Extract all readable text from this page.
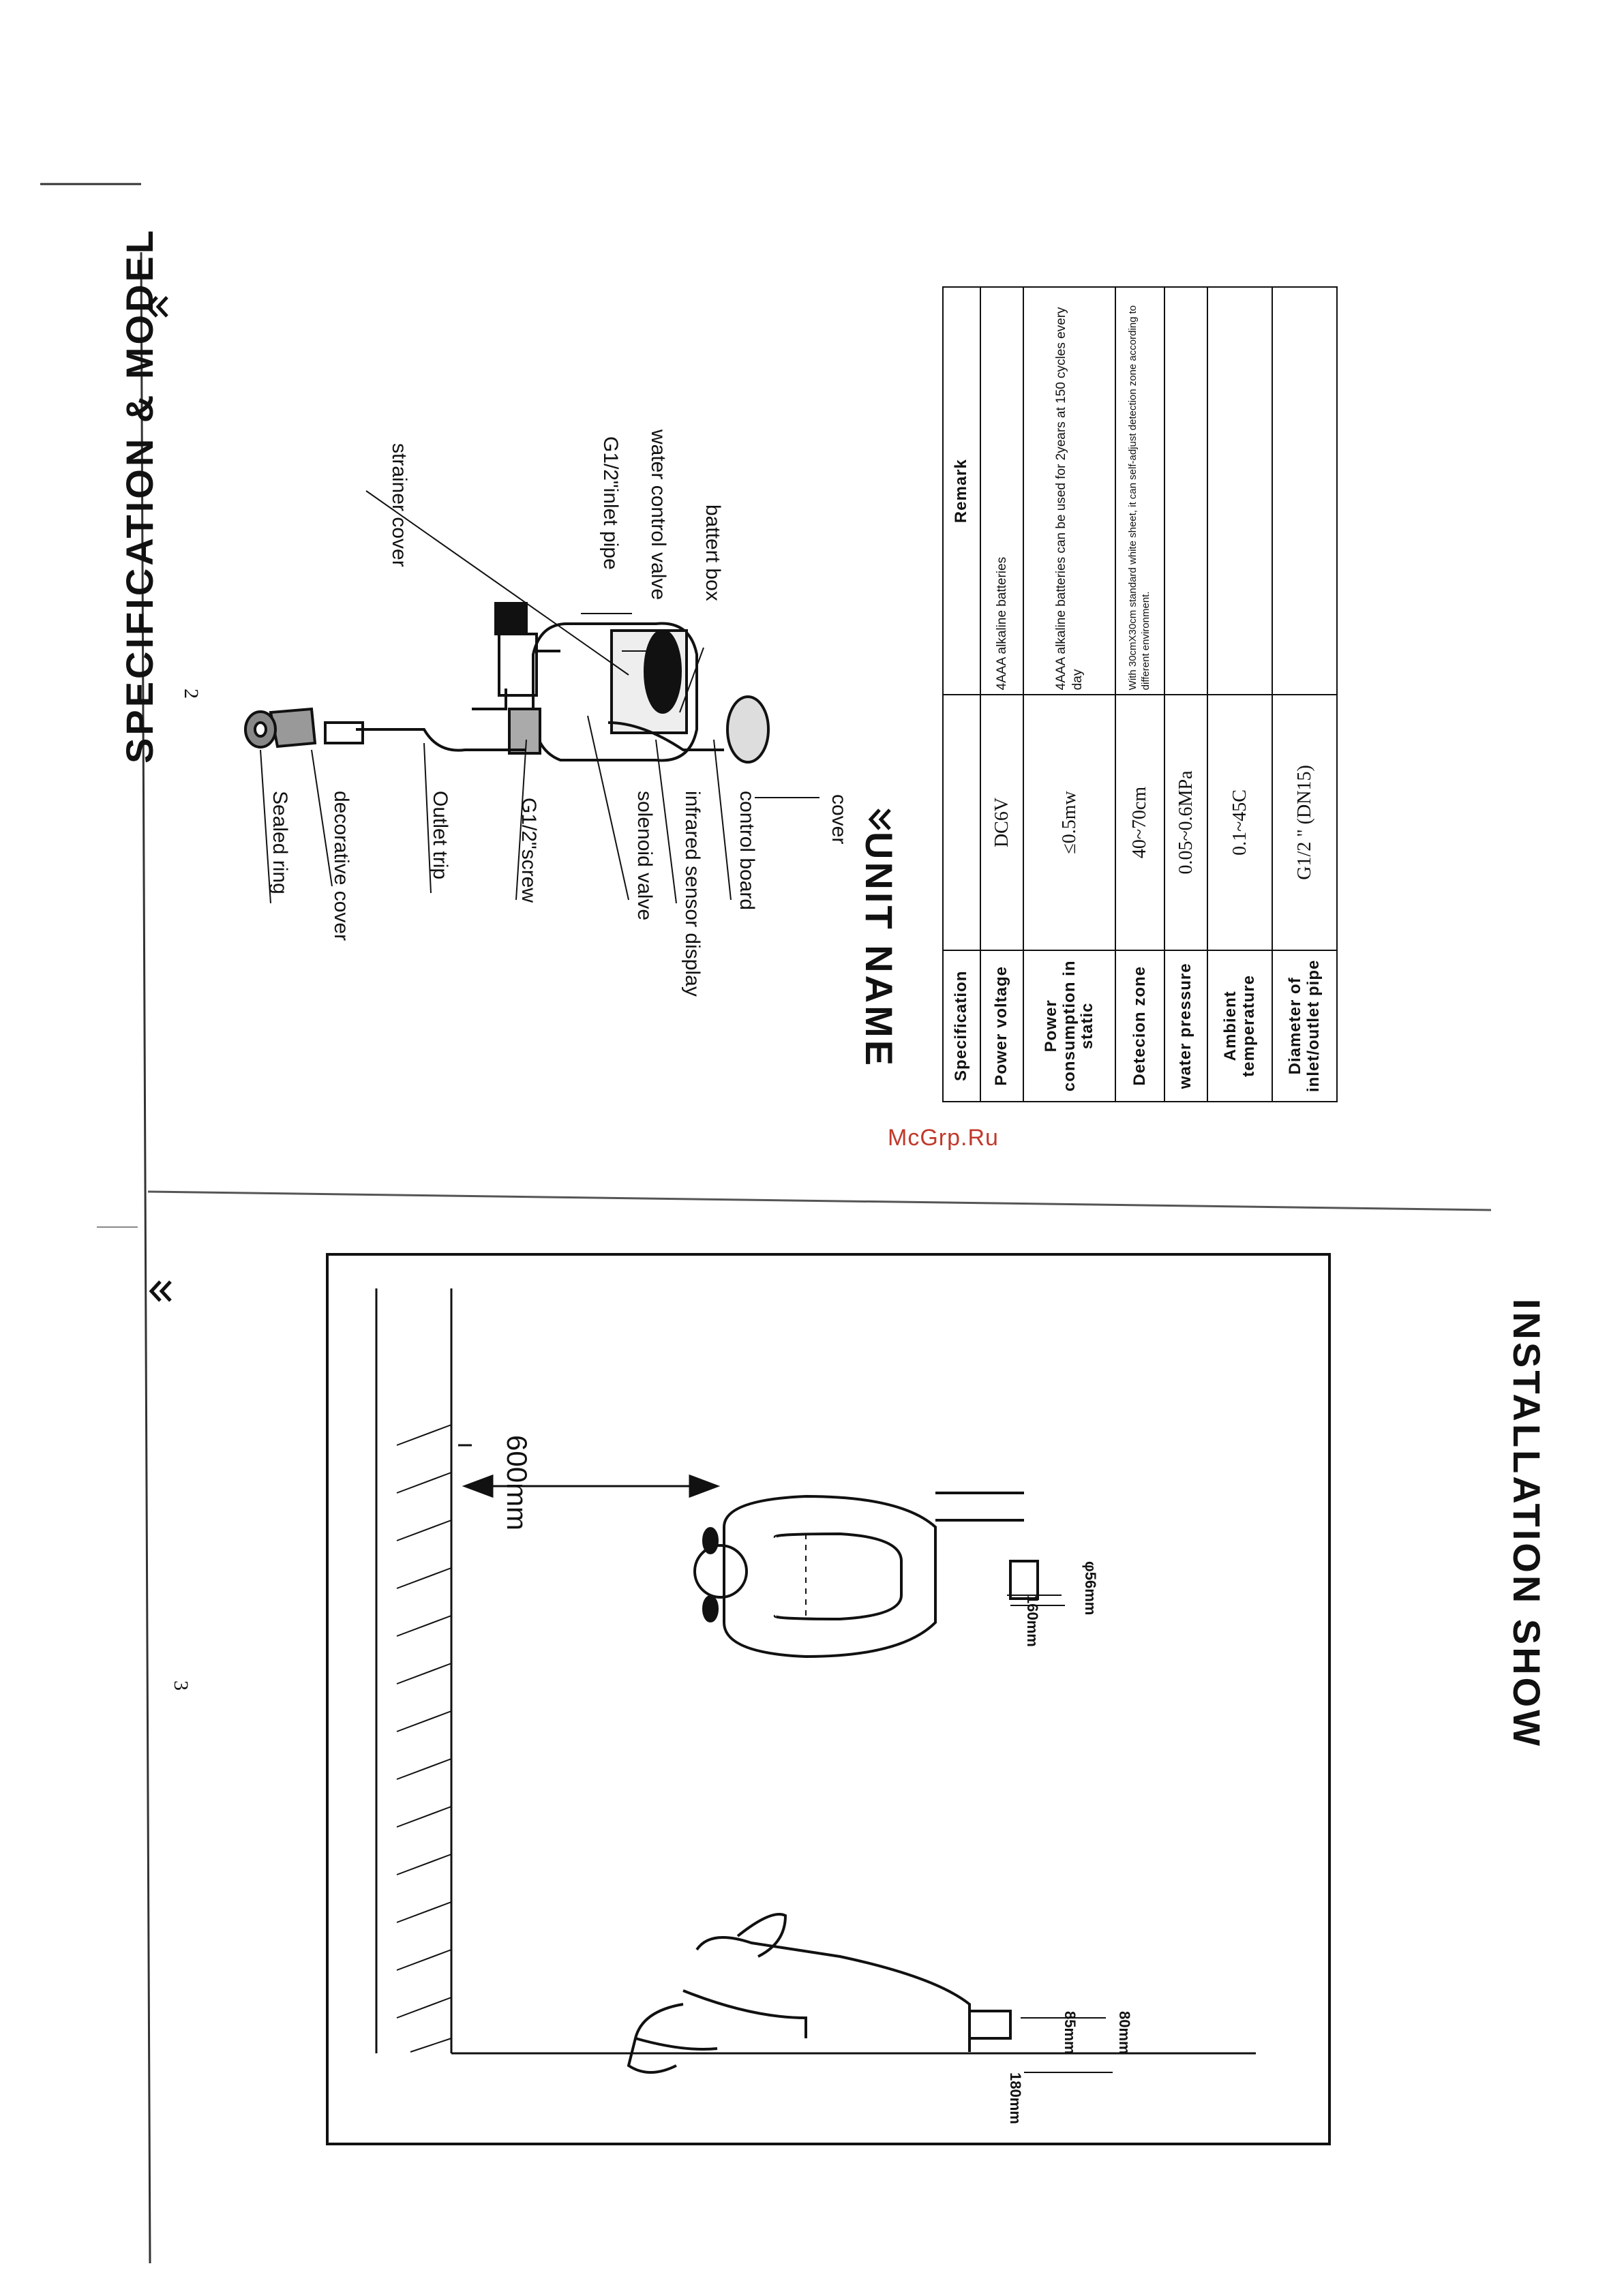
SPECIFICATION & MODEL
Specification		Remark
Power voltage	DC6V	4AAA alkaline batteries
Power consumption in static	≤0.5mw	4AAA alkaline batteries can be used for 2years at 150 cycles every day
Detecion zone	40~70cm	With 30cmX30cm standard white sheet, it can self-adjust detection zone according to different environment.
water pressure	0.05~0.6MPa	
Ambient temperature	0.1~45C	
Diameter of inlet/outlet pipe	G1/2 " (DN15)	
UNIT NAME
battert box
water control valve
G1/2"inlet pipe
strainer cover
cover
control board
infrared sensor display
solenoid valve
G1/2"screw
Outlet trip
decorative cover
Sealed ring
2
INSTALLATION SHOW
600mm
φ56mm
160mm
85mm	80mm
180mm
3
McGrp.Ru
